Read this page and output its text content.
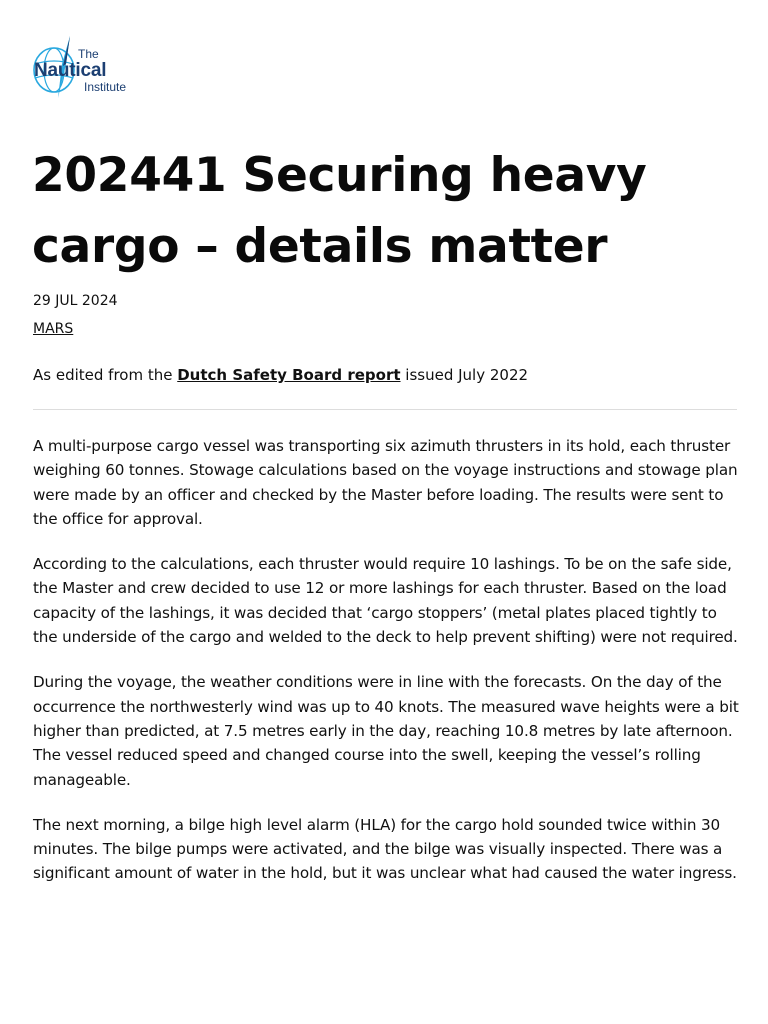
The
Nautical
Institute
202441 Securing heavy cargo – details matter
29 JUL 2024
MARS
As edited from the Dutch Safety Board report issued July 2022

A multi-purpose cargo vessel was transporting six azimuth thrusters in its hold, each thruster weighing 60 tonnes. Stowage calculations based on the voyage instructions and stowage plan were made by an officer and checked by the Master before loading. The results were sent to the office for approval.

According to the calculations, each thruster would require 10 lashings. To be on the safe side, the Master and crew decided to use 12 or more lashings for each thruster. Based on the load capacity of the lashings, it was decided that ‘cargo stoppers’ (metal plates placed tightly to the underside of the cargo and welded to the deck to help prevent shifting) were not required.

During the voyage, the weather conditions were in line with the forecasts. On the day of the occurrence the northwesterly wind was up to 40 knots. The measured wave heights were a bit higher than predicted, at 7.5 metres early in the day, reaching 10.8 metres by late afternoon. The vessel reduced speed and changed course into the swell, keeping the vessel’s rolling manageable.

The next morning, a bilge high level alarm (HLA) for the cargo hold sounded twice within 30 minutes. The bilge pumps were activated, and the bilge was visually inspected. There was a significant amount of water in the hold, but it was unclear what had caused the water ingress.
